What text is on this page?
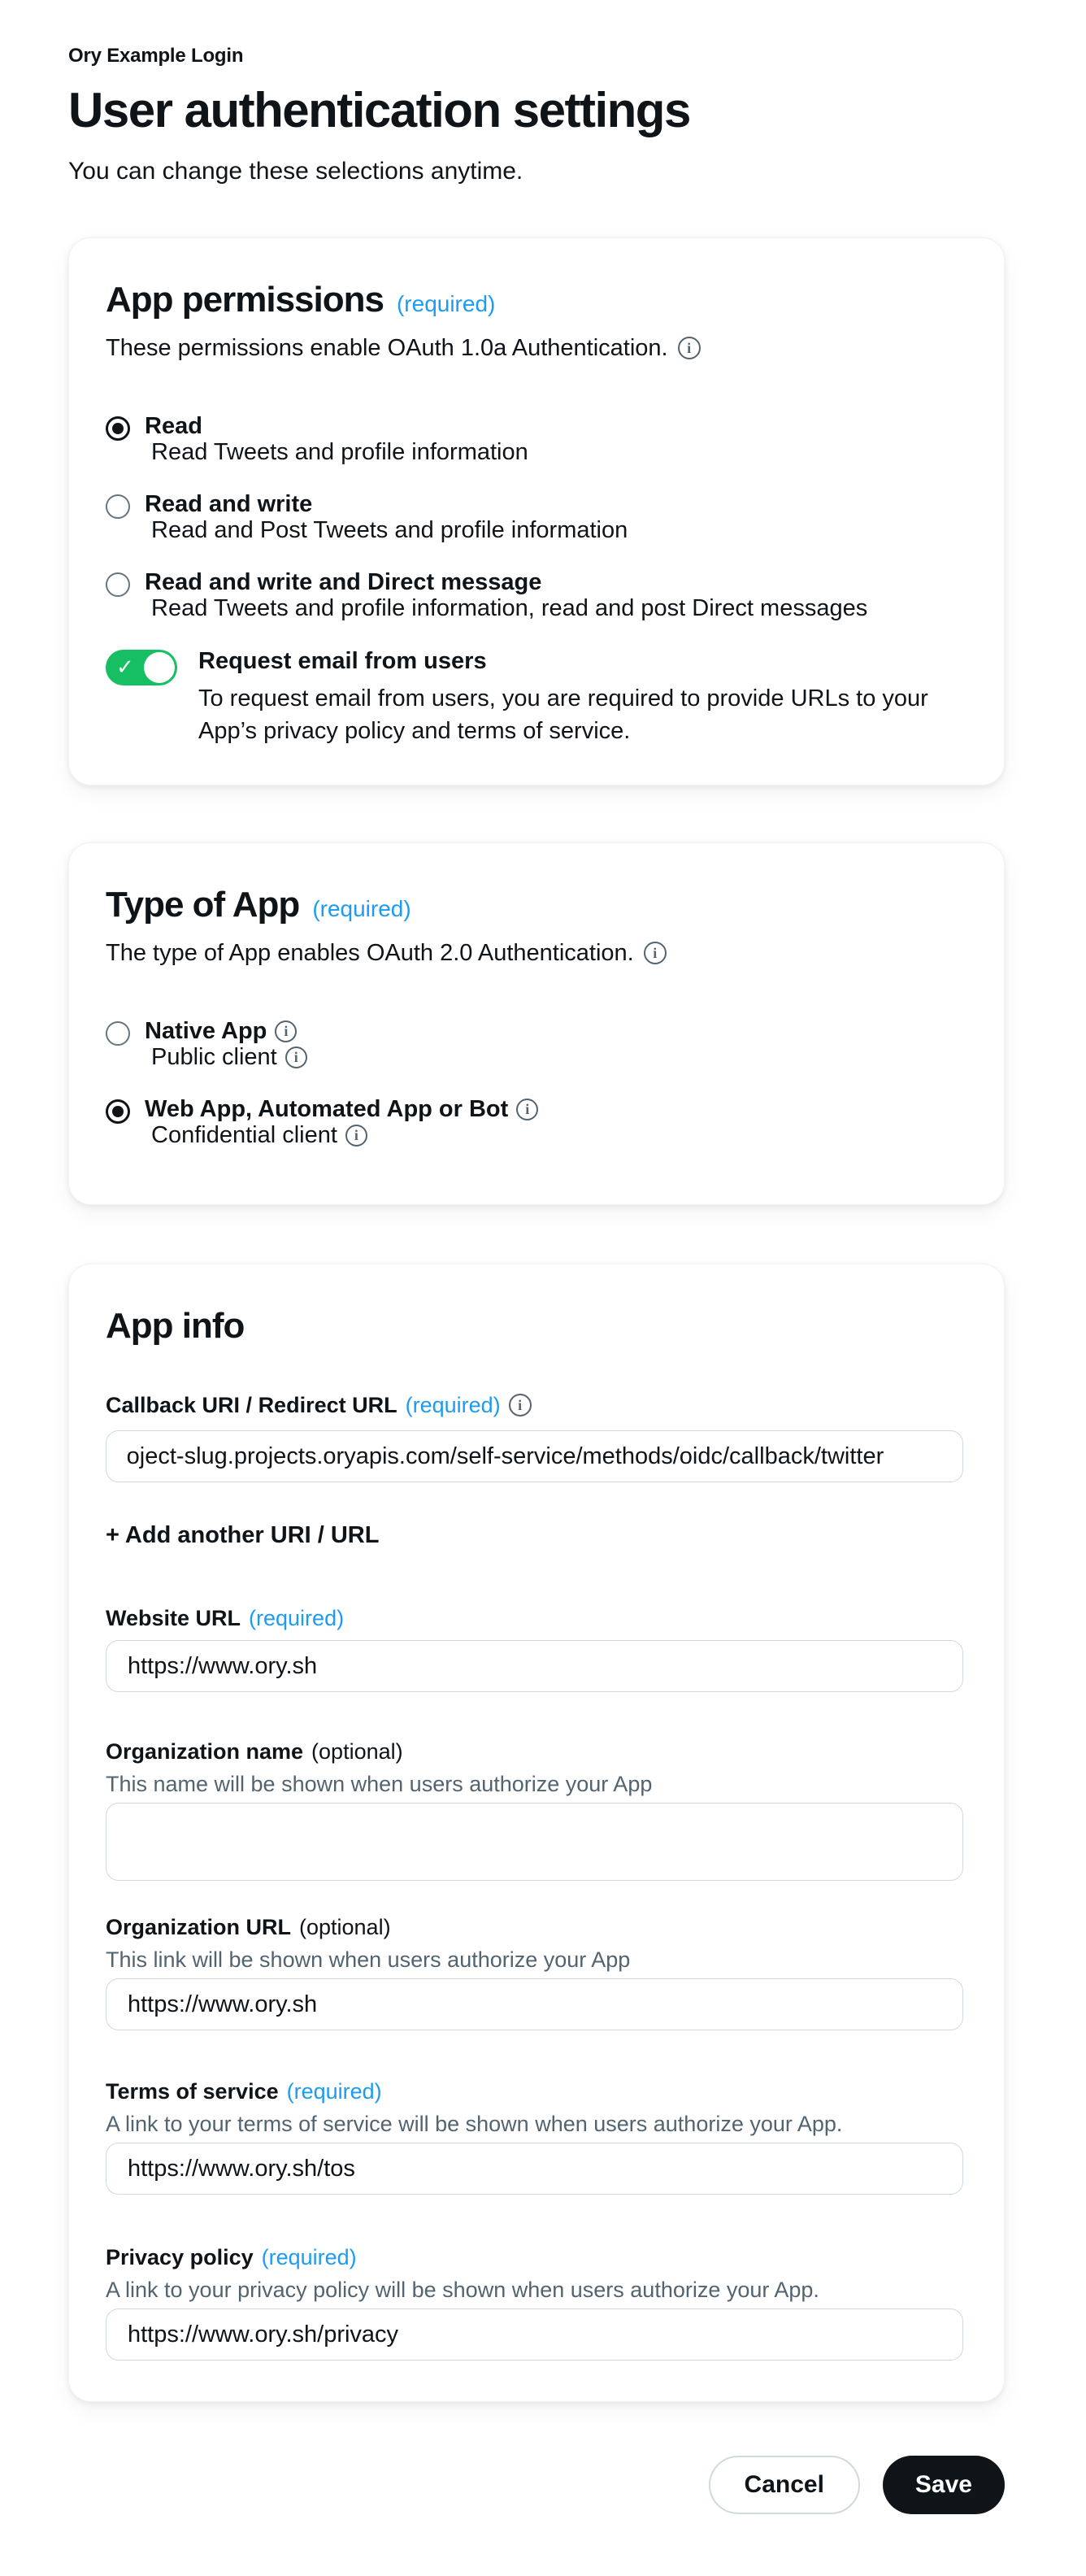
Ory Example Login
User authentication settings
You can change these selections anytime.
App permissions (required)
These permissions enable OAuth 1.0a Authentication.	i
Read
Read Tweets and profile information
Read and write
Read and Post Tweets and profile information
Read and write and Direct message
Read Tweets and profile information, read and post Direct messages
✓	Request email from users
To request email from users, you are required to provide URLs to your App’s privacy policy and terms of service.
Type of App (required)
The type of App enables OAuth 2.0 Authentication.	i
Native App	i
Public client	i
Web App, Automated App or Bot	i
Confidential client	i
App info
Callback URI / Redirect URL (required)	i
roject-slug.projects.oryapis.com/self-service/methods/oidc/callback/twitter
+ Add another URI / URL
Website URL (required)
https://www.ory.sh
Organization name (optional)
This name will be shown when users authorize your App
Organization URL (optional)
This link will be shown when users authorize your App
https://www.ory.sh
Terms of service (required)
A link to your terms of service will be shown when users authorize your App.
https://www.ory.sh/tos
Privacy policy (required)
A link to your privacy policy will be shown when users authorize your App.
https://www.ory.sh/privacy
Cancel	Save
